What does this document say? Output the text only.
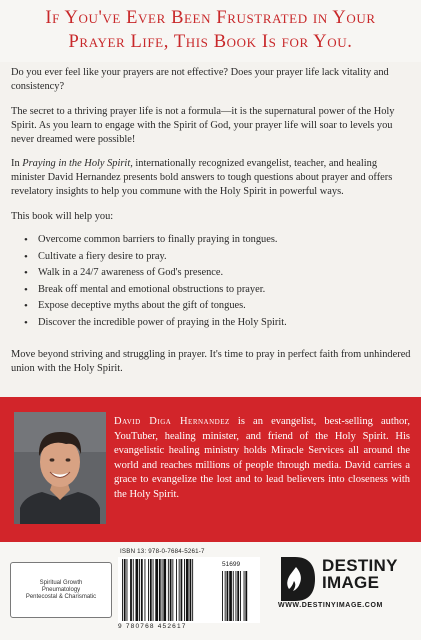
If You've Ever Been Frustrated in Your
Prayer Life, This Book Is for You.

Do you ever feel like your prayers are not effective? Does your prayer life lack vitality and consistency?

The secret to a thriving prayer life is not a formula—it is the supernatural power of the Holy Spirit. As you learn to engage with the Spirit of God, your prayer life will soar to levels you never dreamed were possible!

In Praying in the Holy Spirit, internationally recognized evangelist, teacher, and healing minister David Hernandez presents bold answers to tough questions about prayer and offers revelatory insights to help you commune with the Holy Spirit in powerful ways.

This book will help you:

• Overcome common barriers to finally praying in tongues.
• Cultivate a fiery desire to pray.
• Walk in a 24/7 awareness of God's presence.
• Break off mental and emotional obstructions to prayer.
• Expose deceptive myths about the gift of tongues.
• Discover the incredible power of praying in the Holy Spirit.

Move beyond striving and struggling in prayer. It's time to pray in perfect faith from unhindered union with the Holy Spirit.

David Diga Hernandez is an evangelist, best-selling author, YouTuber, healing minister, and friend of the Holy Spirit. His evangelistic healing ministry holds Miracle Services all around the world and reaches millions of people through media. David carries a grace to evangelize the lost and to lead believers into closeness with the Holy Spirit.
Spiritual Growth
Pneumatology
Pentecostal & Charismatic
ISBN 13: 978-0-7684-5261-7
9 780768 452617
51699	DESTINY
IMAGE
WWW.DESTINYIMAGE.COM
